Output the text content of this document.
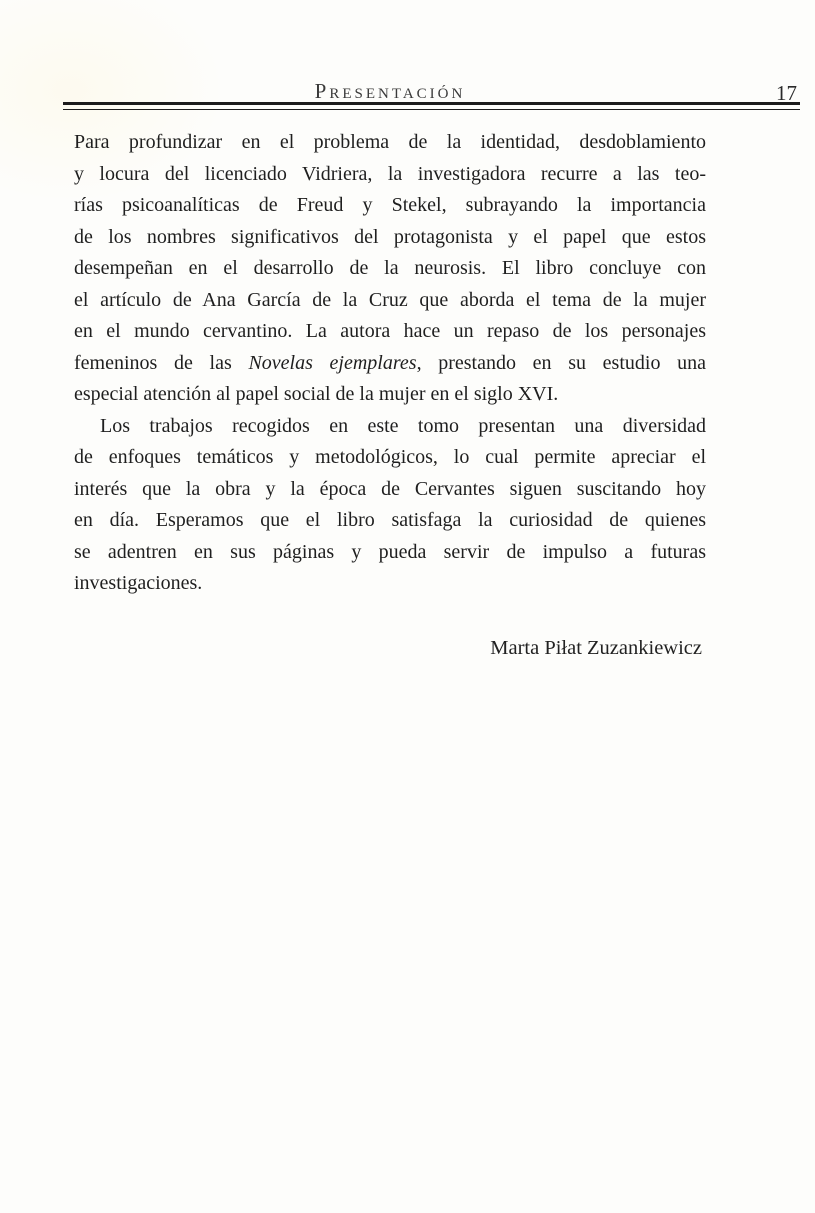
Presentación	17
Para profundizar en el problema de la identidad, desdoblamiento
y locura del licenciado Vidriera, la investigadora recurre a las teo-
rías psicoanalíticas de Freud y Stekel, subrayando la importancia
de los nombres significativos del protagonista y el papel que estos
desempeñan en el desarrollo de la neurosis. El libro concluye con
el artículo de Ana García de la Cruz que aborda el tema de la mujer
en el mundo cervantino. La autora hace un repaso de los personajes
femeninos de las Novelas ejemplares, prestando en su estudio una
especial atención al papel social de la mujer en el siglo XVI.
Los trabajos recogidos en este tomo presentan una diversidad
de enfoques temáticos y metodológicos, lo cual permite apreciar el
interés que la obra y la época de Cervantes siguen suscitando hoy
en día. Esperamos que el libro satisfaga la curiosidad de quienes
se adentren en sus páginas y pueda servir de impulso a futuras
investigaciones.
Marta Piłat Zuzankiewicz
